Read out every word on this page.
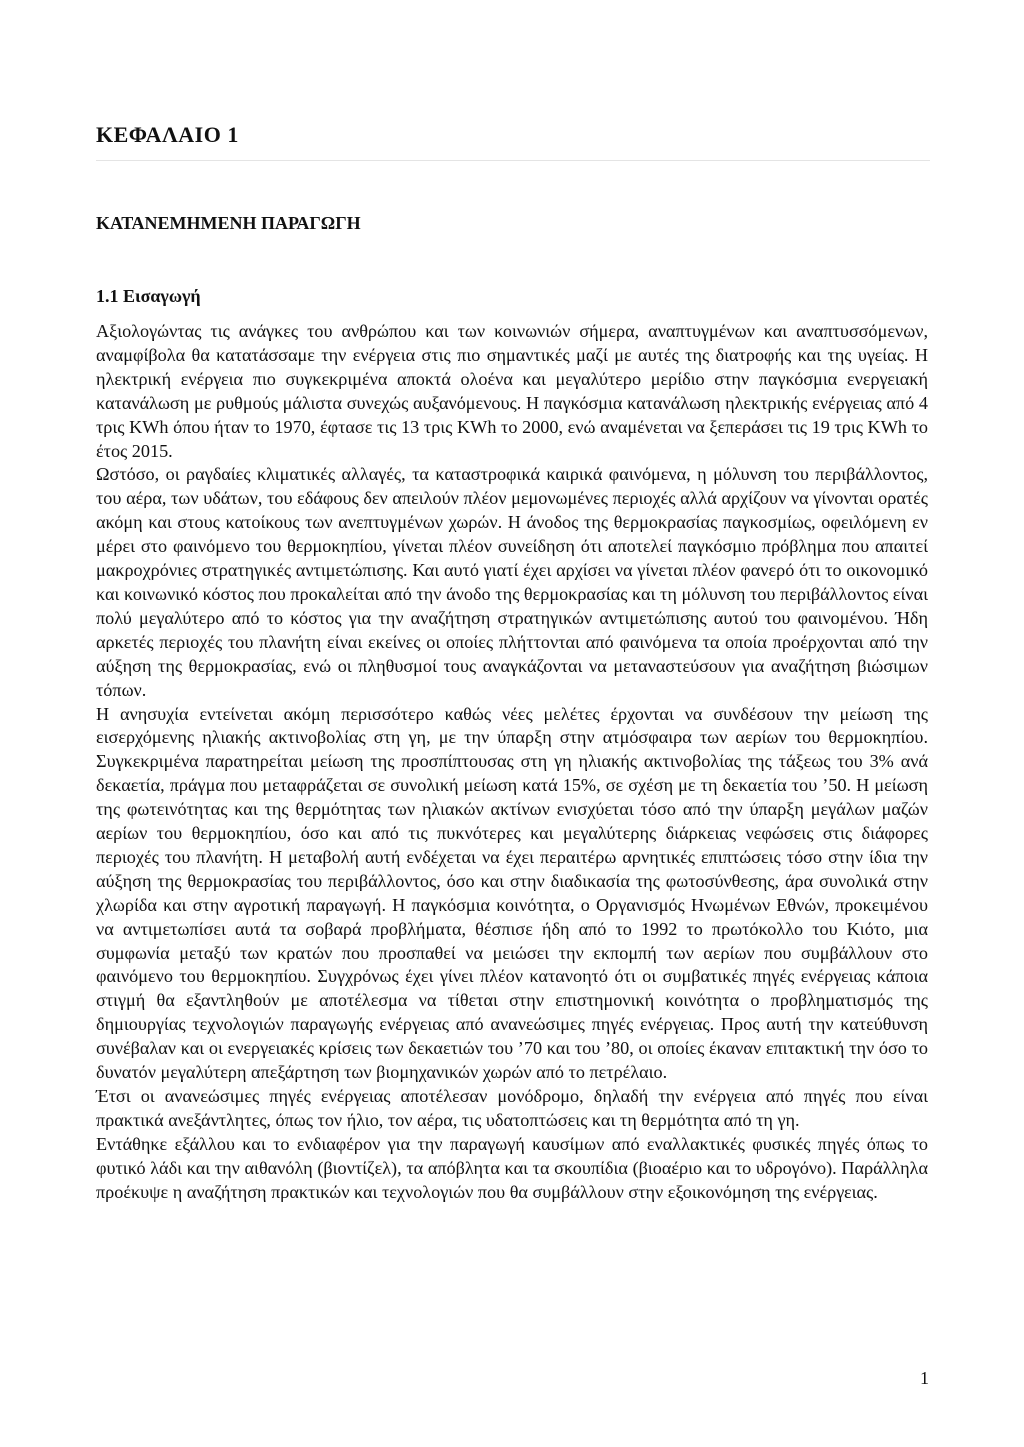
ΚΕΦΑΛΑΙΟ 1
ΚΑΤΑΝΕΜΗΜΕΝΗ ΠΑΡΑΓΩΓΗ
1.1 Εισαγωγή

Αξιολογώντας τις ανάγκες του ανθρώπου και των κοινωνιών σήμερα, αναπτυγμένων και αναπτυσσόμενων, αναμφίβολα θα κατατάσσαμε την ενέργεια στις πιο σημαντικές μαζί με αυτές της διατροφής και της υγείας. Η ηλεκτρική ενέργεια πιο συγκεκριμένα αποκτά ολοένα και μεγαλύτερο μερίδιο στην παγκόσμια ενεργειακή κατανάλωση με ρυθμούς μάλιστα συνεχώς αυξανόμενους. Η παγκόσμια κατανάλωση ηλεκτρικής ενέργειας από 4 τρις KWh όπου ήταν το 1970, έφτασε τις 13 τρις KWh το 2000, ενώ αναμένεται να ξεπεράσει τις 19 τρις KWh το έτος 2015.

Ωστόσο, οι ραγδαίες κλιματικές αλλαγές, τα καταστροφικά καιρικά φαινόμενα, η μόλυνση του περιβάλλοντος, του αέρα, των υδάτων, του εδάφους δεν απειλούν πλέον μεμονωμένες περιοχές αλλά αρχίζουν να γίνονται ορατές ακόμη και στους κατοίκους των ανεπτυγμένων χωρών. Η άνοδος της θερμοκρασίας παγκοσμίως, οφειλόμενη εν μέρει στο φαινόμενο του θερμοκηπίου, γίνεται πλέον συνείδηση ότι αποτελεί παγκόσμιο πρόβλημα που απαιτεί μακροχρόνιες στρατηγικές αντιμετώπισης. Και αυτό γιατί έχει αρχίσει να γίνεται πλέον φανερό ότι το οικονομικό και κοινωνικό κόστος που προκαλείται από την άνοδο της θερμοκρασίας και τη μόλυνση του περιβάλλοντος είναι πολύ μεγαλύτερο από το κόστος για την αναζήτηση στρατηγικών αντιμετώπισης αυτού του φαινομένου. Ήδη αρκετές περιοχές του πλανήτη είναι εκείνες οι οποίες πλήττονται από φαινόμενα τα οποία προέρχονται από την αύξηση της θερμοκρασίας, ενώ οι πληθυσμοί τους αναγκάζονται να μεταναστεύσουν για αναζήτηση βιώσιμων τόπων.

Η ανησυχία εντείνεται ακόμη περισσότερο καθώς νέες μελέτες έρχονται να συνδέσουν την μείωση της εισερχόμενης ηλιακής ακτινοβολίας στη γη, με την ύπαρξη στην ατμόσφαιρα των αερίων του θερμοκηπίου. Συγκεκριμένα παρατηρείται μείωση της προσπίπτουσας στη γη ηλιακής ακτινοβολίας της τάξεως του 3% ανά δεκαετία, πράγμα που μεταφράζεται σε συνολική μείωση κατά 15%, σε σχέση με τη δεκαετία του ’50. Η μείωση της φωτεινότητας και της θερμότητας των ηλιακών ακτίνων ενισχύεται τόσο από την ύπαρξη μεγάλων μαζών αερίων του θερμοκηπίου, όσο και από τις πυκνότερες και μεγαλύτερης διάρκειας νεφώσεις στις διάφορες περιοχές του πλανήτη. Η μεταβολή αυτή ενδέχεται να έχει περαιτέρω αρνητικές επιπτώσεις τόσο στην ίδια την αύξηση της θερμοκρασίας του περιβάλλοντος, όσο και στην διαδικασία της φωτοσύνθεσης, άρα συνολικά στην χλωρίδα και στην αγροτική παραγωγή. Η παγκόσμια κοινότητα, ο Οργανισμός Ηνωμένων Εθνών, προκειμένου να αντιμετωπίσει αυτά τα σοβαρά προβλήματα, θέσπισε ήδη από το 1992 το πρωτόκολλο του Κιότο, μια συμφωνία μεταξύ των κρατών που προσπαθεί να μειώσει την εκπομπή των αερίων που συμβάλλουν στο φαινόμενο του θερμοκηπίου. Συγχρόνως έχει γίνει πλέον κατανοητό ότι οι συμβατικές πηγές ενέργειας κάποια στιγμή θα εξαντληθούν με αποτέλεσμα να τίθεται στην επιστημονική κοινότητα ο προβληματισμός της δημιουργίας τεχνολογιών παραγωγής ενέργειας από ανανεώσιμες πηγές ενέργειας. Προς αυτή την κατεύθυνση συνέβαλαν και οι ενεργειακές κρίσεις των δεκαετιών του ’70 και του ’80, οι οποίες έκαναν επιτακτική την όσο το δυνατόν μεγαλύτερη απεξάρτηση των βιομηχανικών χωρών από το πετρέλαιο.

Έτσι οι ανανεώσιμες πηγές ενέργειας αποτέλεσαν μονόδρομο, δηλαδή την ενέργεια από πηγές που είναι πρακτικά ανεξάντλητες, όπως τον ήλιο, τον αέρα, τις υδατοπτώσεις και τη θερμότητα από τη γη.

Εντάθηκε εξάλλου και το ενδιαφέρον για την παραγωγή καυσίμων από εναλλακτικές φυσικές πηγές όπως το φυτικό λάδι και την αιθανόλη (βιοντίζελ), τα απόβλητα και τα σκουπίδια (βιοαέριο και το υδρογόνο). Παράλληλα προέκυψε η αναζήτηση πρακτικών και τεχνολογιών που θα συμβάλλουν στην εξοικονόμηση της ενέργειας.

1
